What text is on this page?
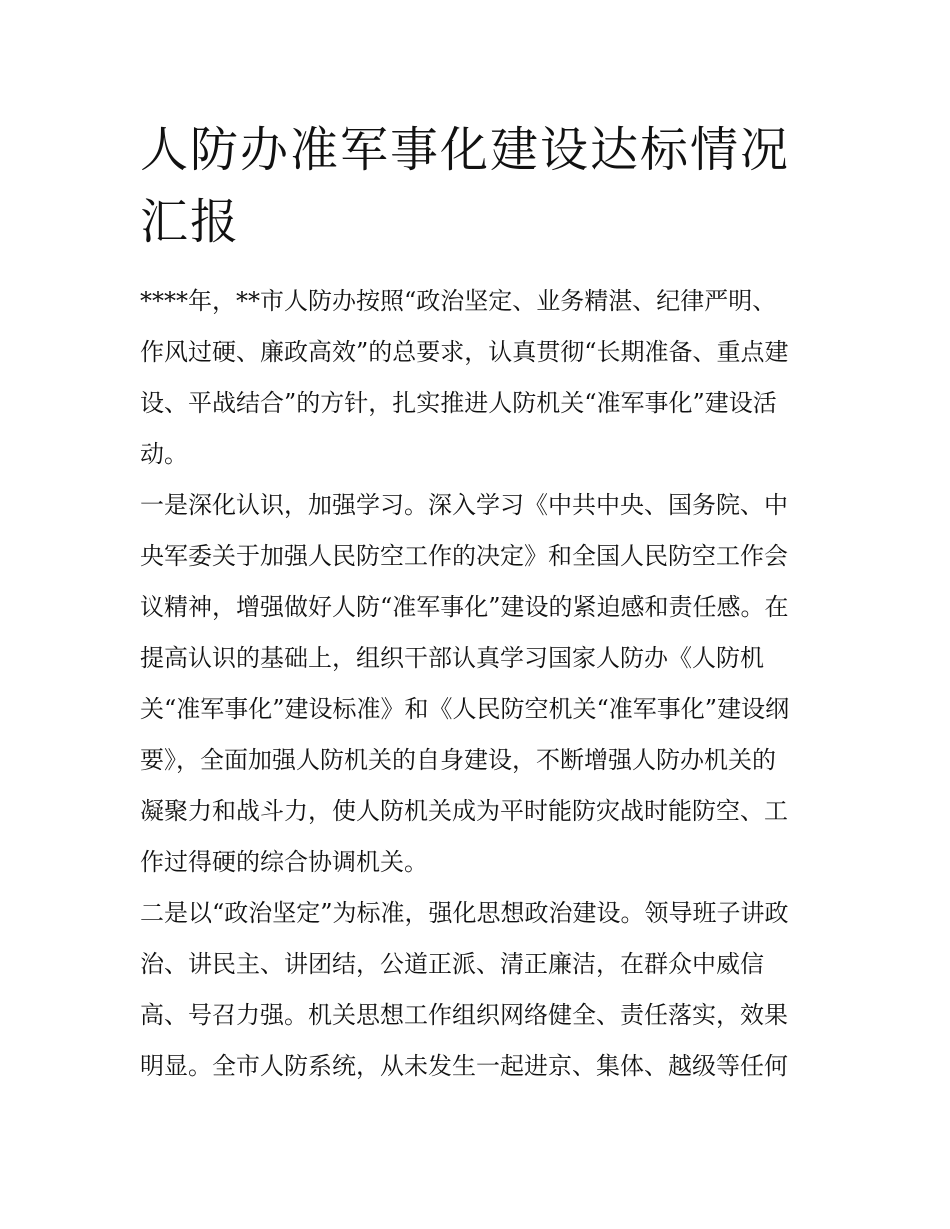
人防办准军事化建设达标情况
汇报
****年，**市人防办按照“政治坚定、业务精湛、纪律严明、
作风过硬、廉政高效”的总要求，认真贯彻“长期准备、重点建
设、平战结合”的方针，扎实推进人防机关“准军事化”建设活
动。
一是深化认识，加强学习。深入学习《中共中央、国务院、中
央军委关于加强人民防空工作的决定》和全国人民防空工作会
议精神，增强做好人防“准军事化”建设的紧迫感和责任感。在
提高认识的基础上，组织干部认真学习国家人防办《人防机
关“准军事化”建设标准》和《人民防空机关“准军事化”建设纲
要》，全面加强人防机关的自身建设，不断增强人防办机关的
凝聚力和战斗力，使人防机关成为平时能防灾战时能防空、工
作过得硬的综合协调机关。
二是以“政治坚定”为标准，强化思想政治建设。领导班子讲政
治、讲民主、讲团结，公道正派、清正廉洁，在群众中威信
高、号召力强。机关思想工作组织网络健全、责任落实，效果
明显。全市人防系统，从未发生一起进京、集体、越级等任何
